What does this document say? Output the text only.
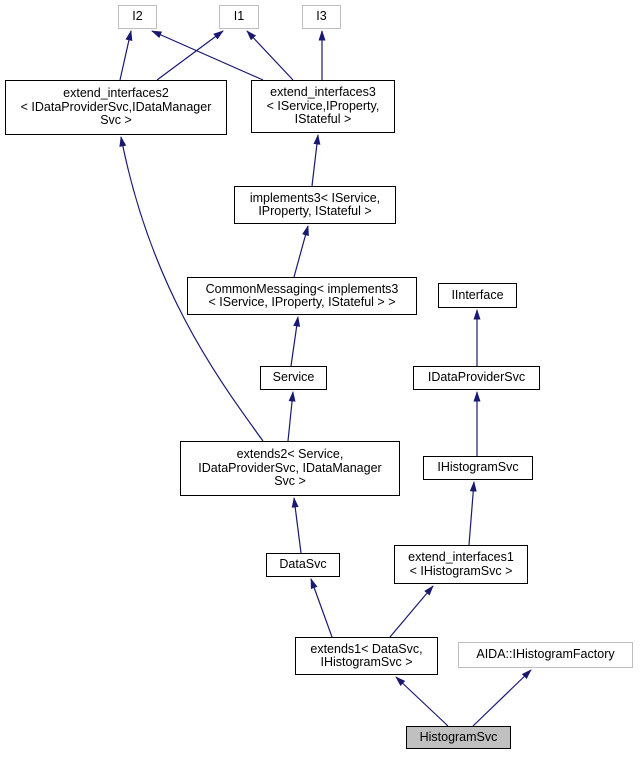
I2	I1	I3
extend_interfaces2
< IDataProviderSvc,IDataManager
Svc >
extend_interfaces3
< IService,IProperty,
IStateful >
implements3< IService,
IProperty, IStateful >
CommonMessaging< implements3
< IService, IProperty, IStateful > >
IInterface
Service	IDataProviderSvc
extends2< Service,
IDataProviderSvc, IDataManager
Svc >
IHistogramSvc
DataSvc
extend_interfaces1
< IHistogramSvc >
extends1< DataSvc,
IHistogramSvc >
AIDA::IHistogramFactory
HistogramSvc
